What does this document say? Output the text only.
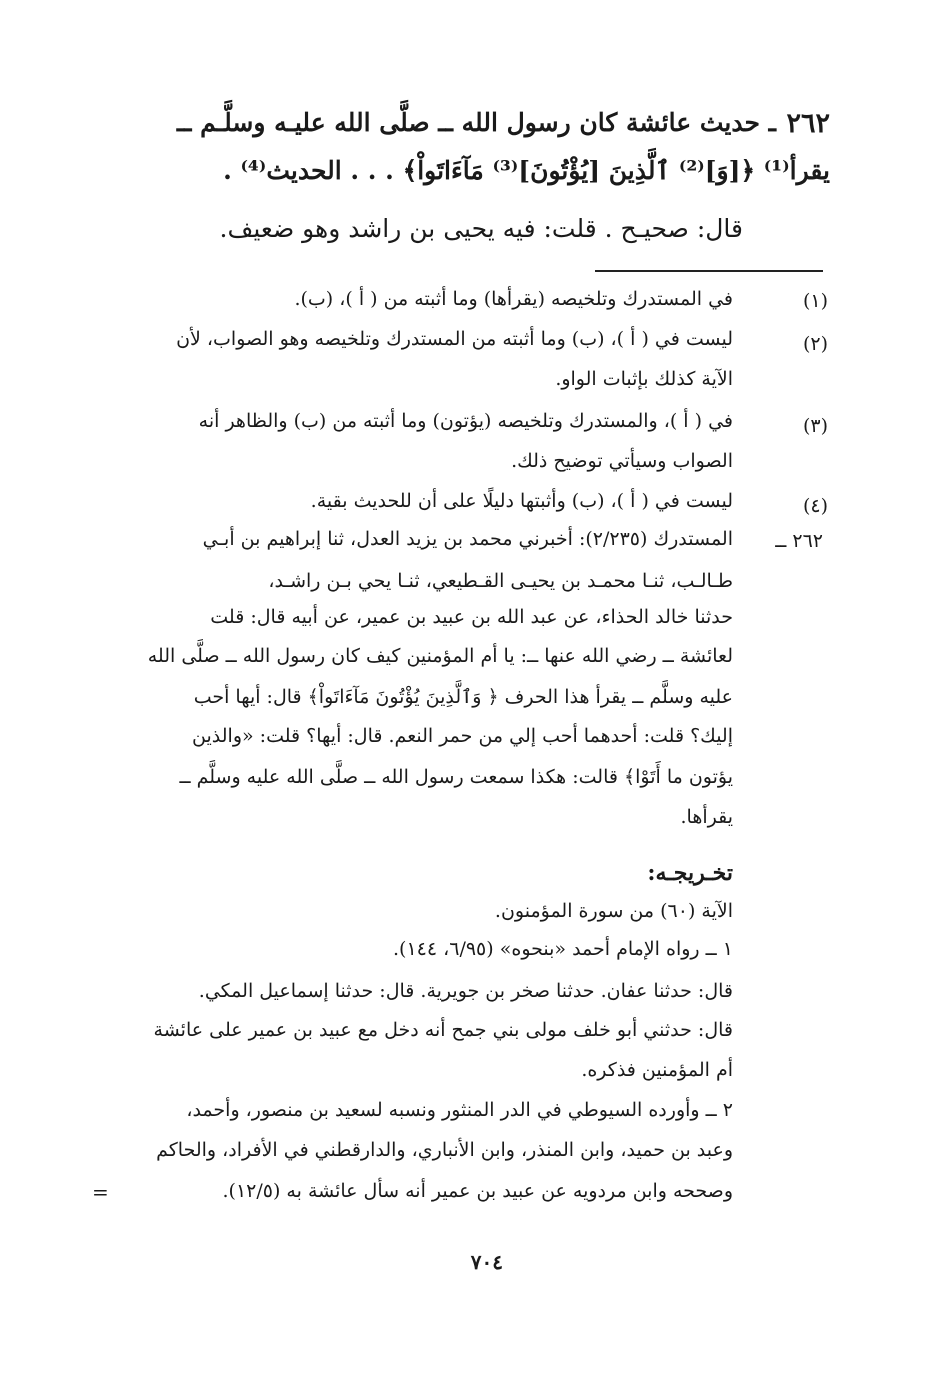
٢٦٢
ـ حديث عائشة كان رسول الله ــ صلَّى الله عليـه وسلَّـم ــ
يقرأ⁽¹⁾ ﴿[وَ]⁽²⁾ ٱلَّذِينَ [يُؤْتُونَ]⁽³⁾ مَآءَاتَواْ﴾ . . . الحديث⁽⁴⁾ .
قال: صحيـح . قلت: فيه يحيى بن راشد وهو ضعيف.
(١)
في المستدرك وتلخيصه (يقرأها) وما أثبته من ( أ )، (ب).
(٢)
ليست في ( أ )، (ب) وما أثبته من المستدرك وتلخيصه وهو الصواب، لأن
الآية كذلك بإثبات الواو.
(٣)
في ( أ )، والمستدرك وتلخيصه (يؤتون) وما أثبته من (ب) والظاهر أنه
الصواب وسيأتي توضيح ذلك.
(٤)
ليست في ( أ )، (ب) وأثبتها دليلًا على أن للحديث بقية.
٢٦٢ ــ
المستدرك (٢/٢٣٥): أخبرني محمد بن يزيد العدل، ثنا إبراهيم بن أبـي
طـالـب، ثنـا محمـد بن يحيـى القـطيعي، ثنـا يحي بـن راشـد،
حدثنا خالد الحذاء، عن عبد الله بن عبيد بن عمير، عن أبيه قال: قلت
لعائشة ــ رضي الله عنها ــ: يا أم المؤمنين كيف كان رسول الله ــ صلَّى الله
عليه وسلَّم ــ يقرأ هذا الحرف ﴿ وَٱلَّذِينَ يُؤْتُونَ مَآءَاتَواْ﴾ قال: أيها أحب
إليك؟ قلت: أحدهما أحب إلي من حمر النعم. قال: أيها؟ قلت: «والذين
يؤتون ما أَتَوْا﴾ قالت: هكذا سمعت رسول الله ــ صلَّى الله عليه وسلَّم ــ
يقرأها.
تخـريجـه:
الآية (٦٠) من سورة المؤمنون.
١ ــ رواه الإمام أحمد «بنحوه» (٦/٩٥، ١٤٤).
قال: حدثنا عفان. حدثنا صخر بن جويرية. قال: حدثنا إسماعيل المكي.
قال: حدثني أبو خلف مولى بني جمح أنه دخل مع عبيد بن عمير على عائشة
أم المؤمنين فذكره.
٢ ــ وأورده السيوطي في الدر المنثور ونسبه لسعيد بن منصور، وأحمد،
وعبد بن حميد، وابن المنذر، وابن الأنباري، والدارقطني في الأفراد، والحاكم
وصححه وابن مردويه عن عبيد بن عمير أنه سأل عائشة به (١٢/٥).
=
٧٠٤
